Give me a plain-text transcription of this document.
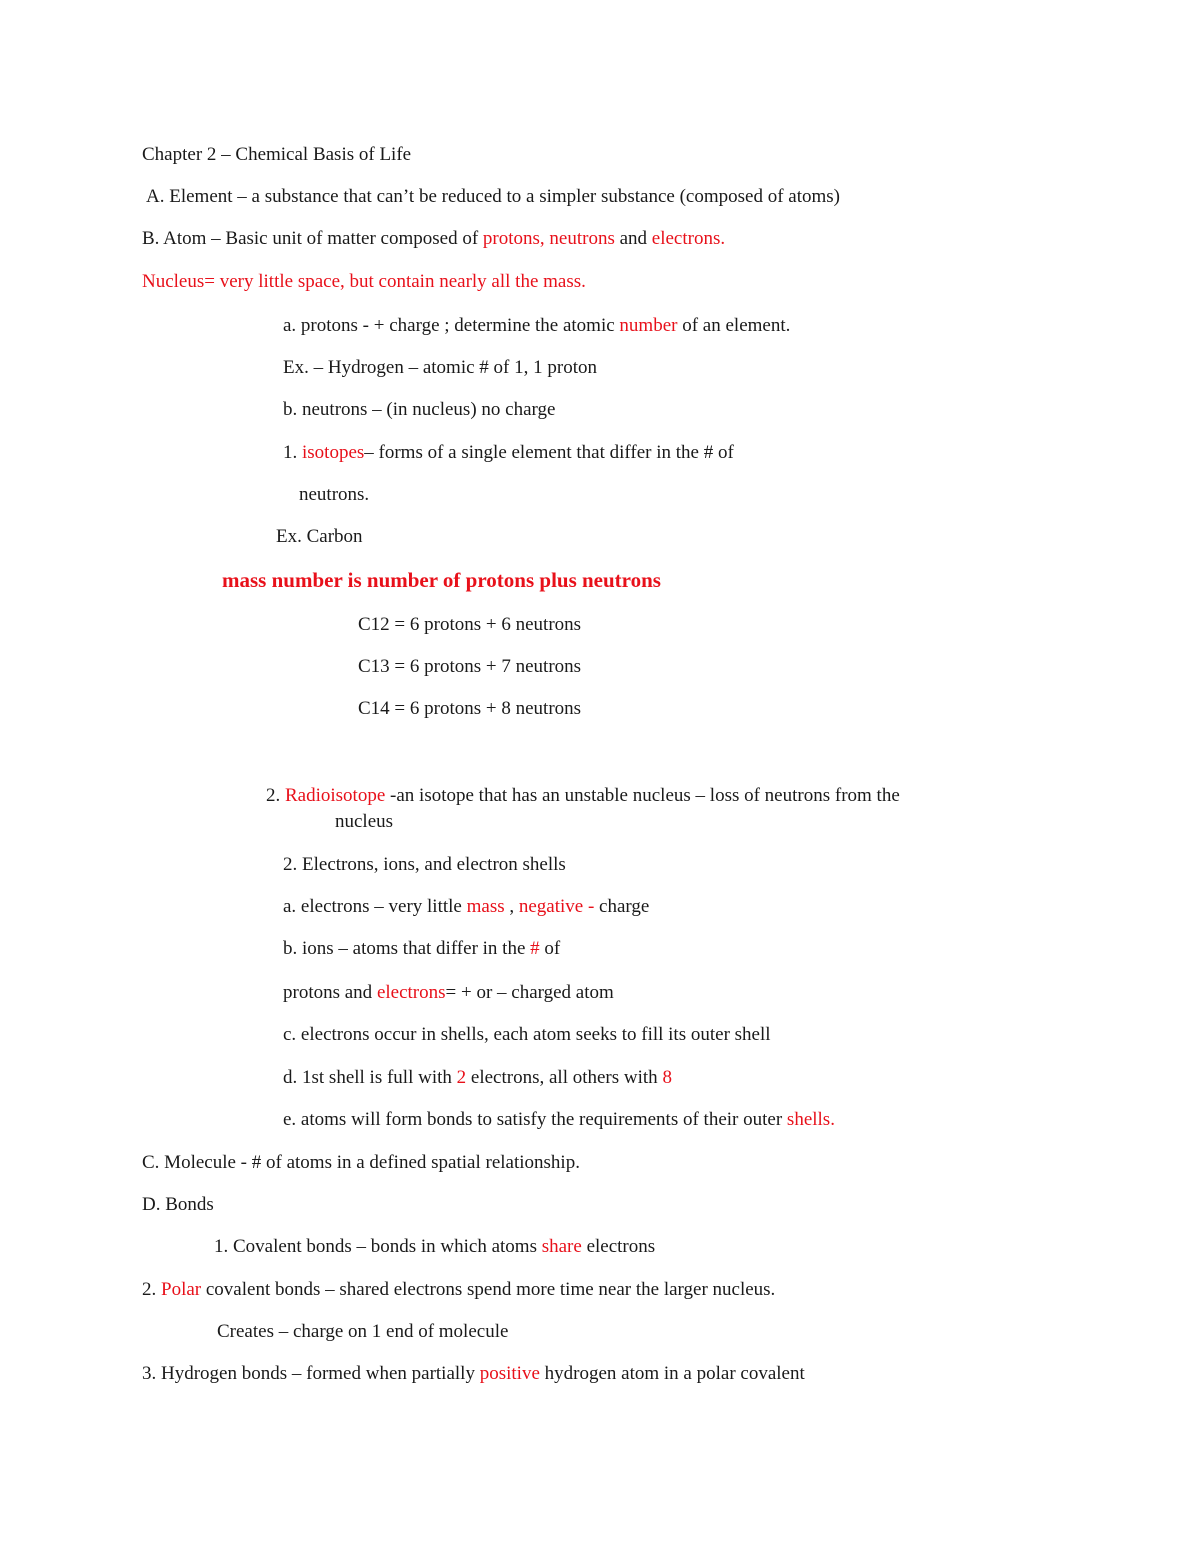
Chapter 2 – Chemical Basis of Life

A. Element – a substance that can’t be reduced to a simpler substance (composed of atoms)

B. Atom – Basic unit of matter composed of protons, neutrons and electrons.

Nucleus= very little space, but contain nearly all the mass.

a. protons - + charge ; determine the atomic number of an element.

Ex. – Hydrogen – atomic # of 1, 1 proton

b. neutrons – (in nucleus) no charge

1. isotopes– forms of a single element that differ in the # of

neutrons.

Ex. Carbon

mass number is number of protons plus neutrons

C12 = 6 protons + 6 neutrons

C13 = 6 protons + 7 neutrons

C14 = 6 protons + 8 neutrons

2. Radioisotope -an isotope that has an unstable nucleus – loss of neutrons from the

nucleus

2. Electrons, ions, and electron shells

a. electrons – very little mass , negative - charge

b. ions – atoms that differ in the # of

protons and electrons= + or – charged atom

c. electrons occur in shells, each atom seeks to fill its outer shell

d. 1st shell is full with 2 electrons, all others with 8

e. atoms will form bonds to satisfy the requirements of their outer shells.

C. Molecule - # of atoms in a defined spatial relationship.

D. Bonds

1. Covalent bonds – bonds in which atoms share electrons

2. Polar covalent bonds – shared electrons spend more time near the larger nucleus.

Creates – charge on 1 end of molecule

3. Hydrogen bonds – formed when partially positive hydrogen atom in a polar covalent
